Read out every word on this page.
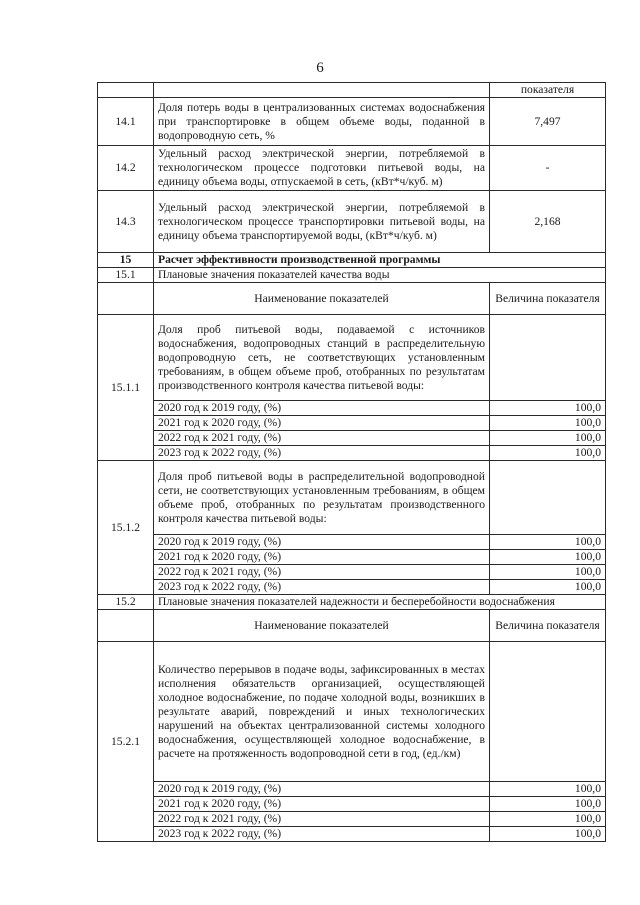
6
		показателя
14.1	Доля потерь воды в централизованных системах водоснабжения при транспортировке в общем объеме воды, поданной в водопроводную сеть, %	7,497
14.2	Удельный расход электрической энергии, потребляемой в технологическом процессе подготовки питьевой воды, на единицу объема воды, отпускаемой в сеть, (кВт*ч/куб. м)	-
14.3	Удельный расход электрической энергии, потребляемой в технологическом процессе транспортировки питьевой воды, на единицу объема транспортируемой воды, (кВт*ч/куб. м)	2,168
15	Расчет эффективности производственной программы	
15.1	Плановые значения показателей качества воды	
	Наименование показателей	Величина показателя
15.1.1	Доля проб питьевой воды, подаваемой с источников водоснабжения, водопроводных станций в распределительную водопроводную сеть, не соответствующих установленным требованиям, в общем объеме проб, отобранных по результатам производственного контроля качества питьевой воды:	
	2020 год к 2019 году, (%)	100,0
	2021 год к 2020 году, (%)	100,0
	2022 год к 2021 году, (%)	100,0
	2023 год к 2022 году, (%)	100,0
15.1.2	Доля проб питьевой воды в распределительной водопроводной сети, не соответствующих установленным требованиям, в общем объеме проб, отобранных по результатам производственного контроля качества питьевой воды:	
	2020 год к 2019 году, (%)	100,0
	2021 год к 2020 году, (%)	100,0
	2022 год к 2021 году, (%)	100,0
	2023 год к 2022 году, (%)	100,0
15.2	Плановые значения показателей надежности и бесперебойности водоснабжения	
	Наименование показателей	Величина показателя
15.2.1	Количество перерывов в подаче воды, зафиксированных в местах исполнения обязательств организацией, осуществляющей холодное водоснабжение, по подаче холодной воды, возникших в результате аварий, повреждений и иных технологических нарушений на объектах централизованной системы холодного водоснабжения, осуществляющей холодное водоснабжение, в расчете на протяженность водопроводной сети в год, (ед./км)	
	2020 год к 2019 году, (%)	100,0
	2021 год к 2020 году, (%)	100,0
	2022 год к 2021 году, (%)	100,0
	2023 год к 2022 году, (%)	100,0
